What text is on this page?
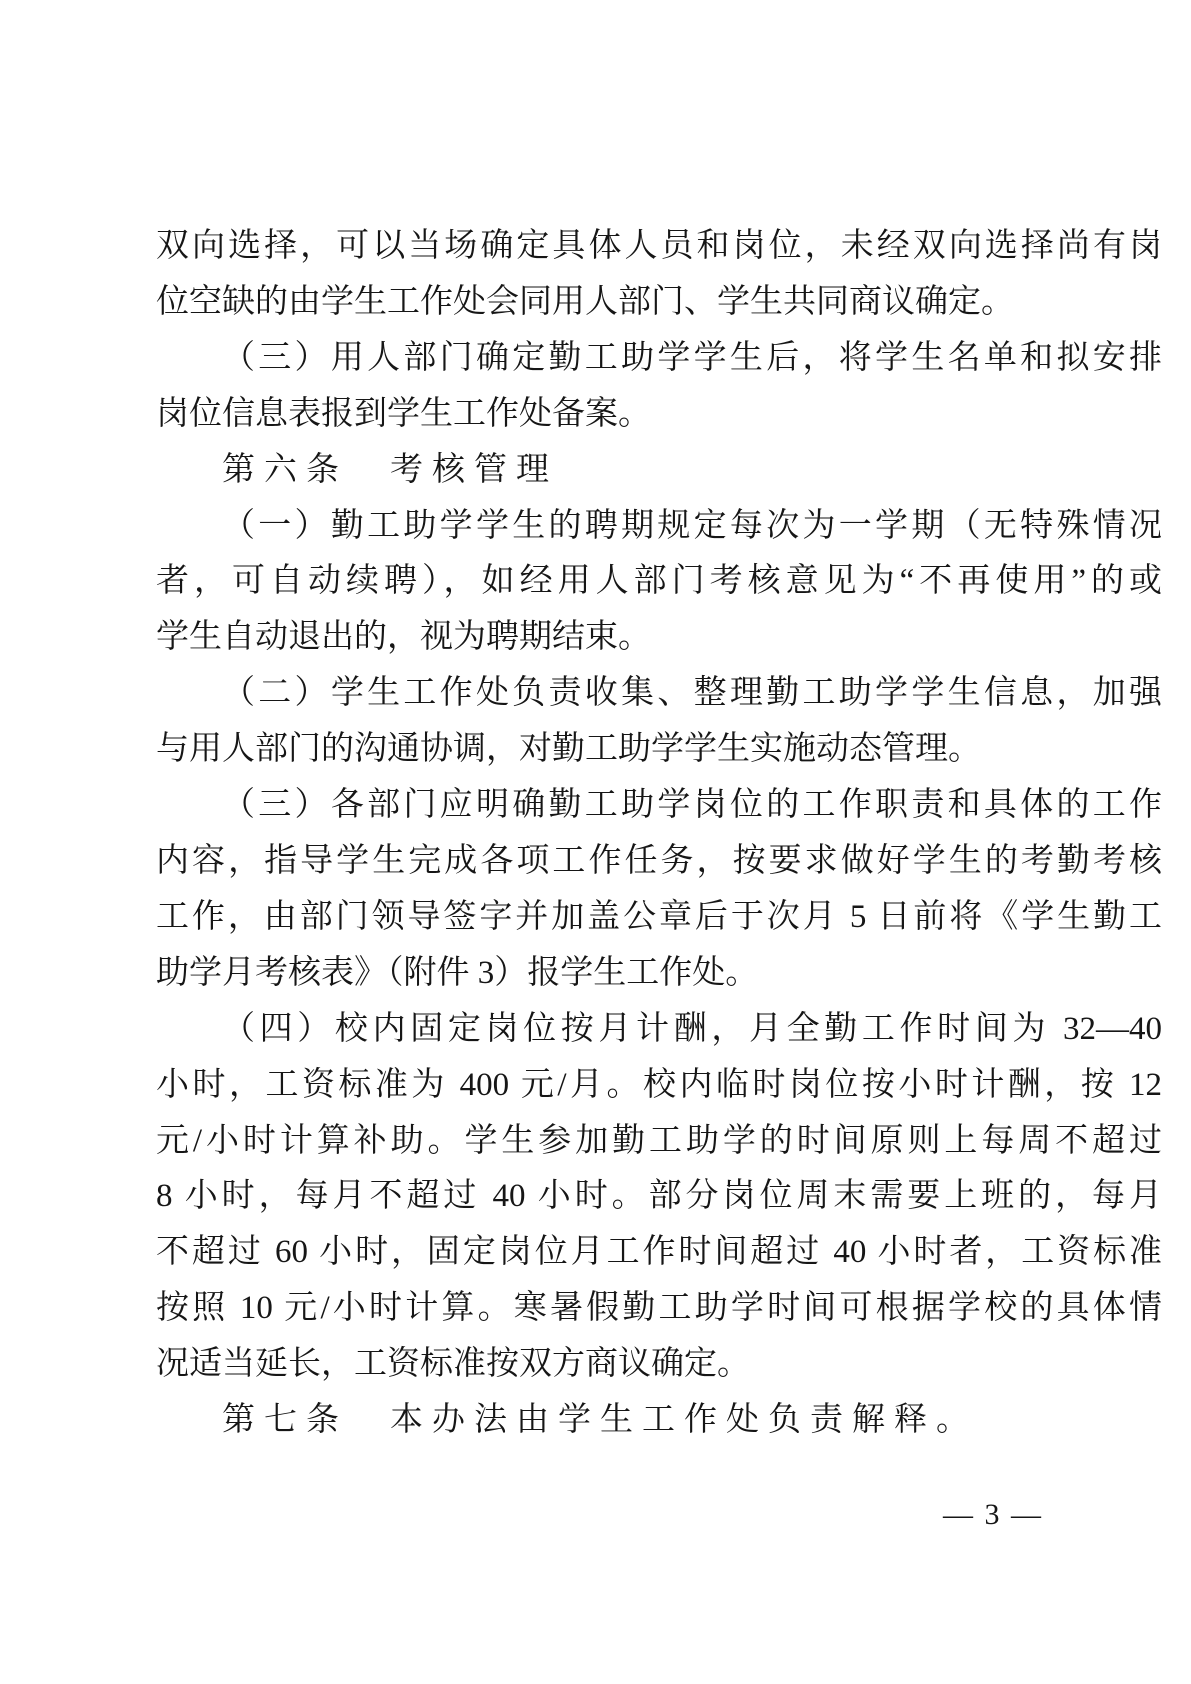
双向选择，可以当场确定具体人员和岗位，未经双向选择尚有岗
位空缺的由学生工作处会同用人部门、学生共同商议确定。
（三）用人部门确定勤工助学学生后，将学生名单和拟安排
岗位信息表报到学生工作处备案。
第六条　考核管理
（一）勤工助学学生的聘期规定每次为一学期（无特殊情况
者，可自动续聘），如经用人部门考核意见为“不再使用”的或
学生自动退出的，视为聘期结束。
（二）学生工作处负责收集、整理勤工助学学生信息，加强
与用人部门的沟通协调，对勤工助学学生实施动态管理。
（三）各部门应明确勤工助学岗位的工作职责和具体的工作
内容，指导学生完成各项工作任务，按要求做好学生的考勤考核
工作，由部门领导签字并加盖公章后于次月 5 日前将《学生勤工
助学月考核表》（附件 3）报学生工作处。
（四）校内固定岗位按月计酬，月全勤工作时间为 32—40
小时，工资标准为 400 元/月。校内临时岗位按小时计酬，按 12
元/小时计算补助。学生参加勤工助学的时间原则上每周不超过
8 小时，每月不超过 40 小时。部分岗位周末需要上班的，每月
不超过 60 小时，固定岗位月工作时间超过 40 小时者，工资标准
按照 10 元/小时计算。寒暑假勤工助学时间可根据学校的具体情
况适当延长，工资标准按双方商议确定。
第七条　本办法由学生工作处负责解释。
— 3 —
